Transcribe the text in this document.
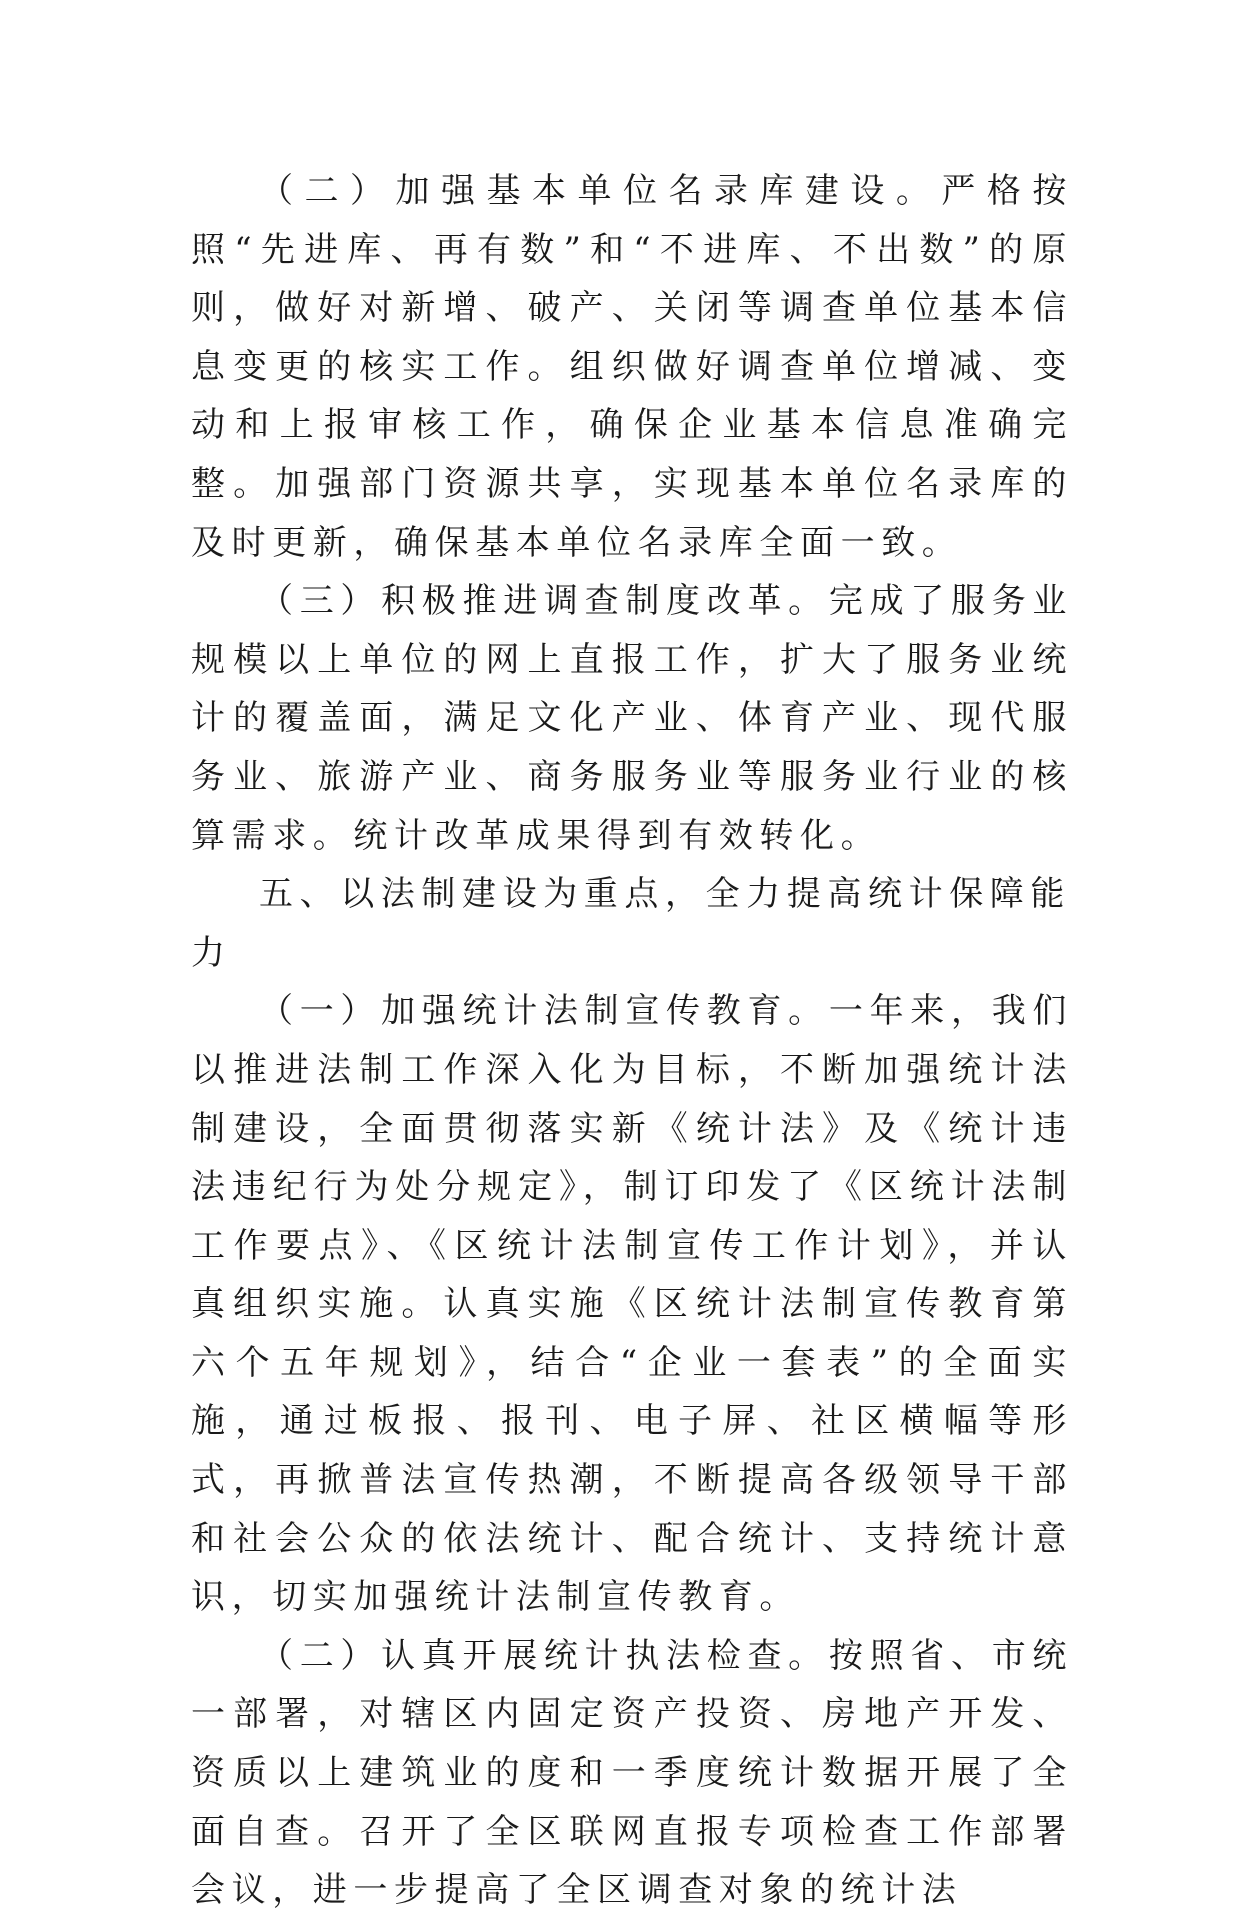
（二）加强基本单位名录库建设。严格按照“先进库、再有数”和“不进库、不出数”的原则，做好对新增、破产、关闭等调查单位基本信息变更的核实工作。组织做好调查单位增减、变动和上报审核工作，确保企业基本信息准确完整。加强部门资源共享，实现基本单位名录库的及时更新，确保基本单位名录库全面一致。

（三）积极推进调查制度改革。完成了服务业规模以上单位的网上直报工作，扩大了服务业统计的覆盖面，满足文化产业、体育产业、现代服务业、旅游产业、商务服务业等服务业行业的核算需求。统计改革成果得到有效转化。

五、以法制建设为重点，全力提高统计保障能力

（一）加强统计法制宣传教育。一年来，我们以推进法制工作深入化为目标，不断加强统计法制建设，全面贯彻落实新《统计法》及《统计违法违纪行为处分规定》，制订印发了《区统计法制工作要点》、《区统计法制宣传工作计划》，并认真组织实施。认真实施《区统计法制宣传教育第六个五年规划》，结合“企业一套表”的全面实施，通过板报、报刊、电子屏、社区横幅等形式，再掀普法宣传热潮，不断提高各级领导干部和社会公众的依法统计、配合统计、支持统计意识，切实加强统计法制宣传教育。

（二）认真开展统计执法检查。按照省、市统一部署，对辖区内固定资产投资、房地产开发、资质以上建筑业的度和一季度统计数据开展了全面自查。召开了全区联网直报专项检查工作部署会议，进一步提高了全区调查对象的统计法
